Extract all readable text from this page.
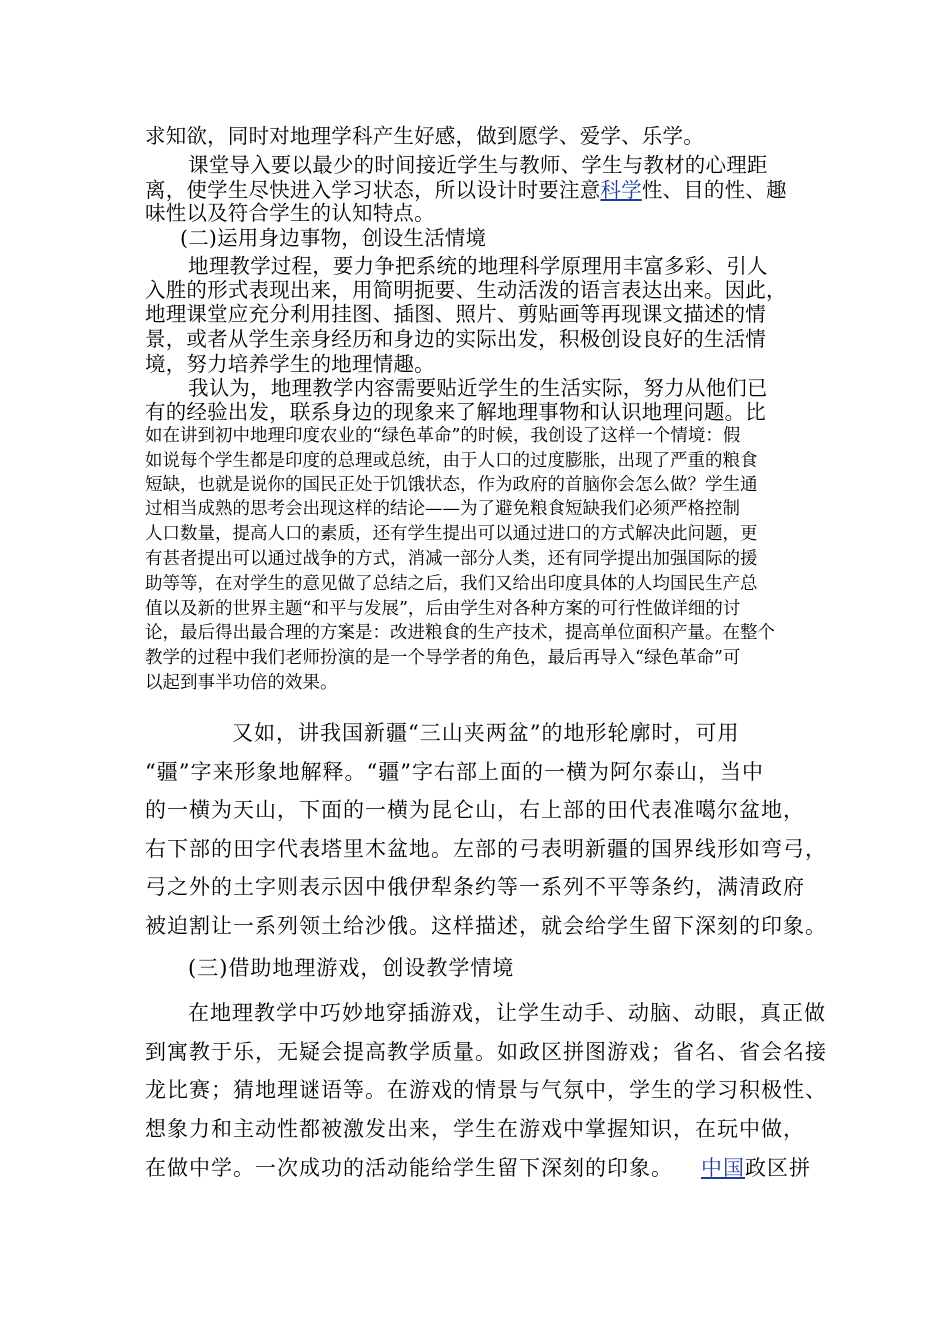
求知欲，同时对地理学科产生好感，做到愿学、爱学、乐学。

课堂导入要以最少的时间接近学生与教师、学生与教材的心理距

离，使学生尽快进入学习状态，所以设计时要注意科学性、目的性、趣

味性以及符合学生的认知特点。

(二)运用身边事物，创设生活情境

地理教学过程，要力争把系统的地理科学原理用丰富多彩、引人

入胜的形式表现出来，用简明扼要、生动活泼的语言表达出来。因此，

地理课堂应充分利用挂图、插图、照片、剪贴画等再现课文描述的情

景，或者从学生亲身经历和身边的实际出发，积极创设良好的生活情

境，努力培养学生的地理情趣。

我认为，地理教学内容需要贴近学生的生活实际，努力从他们已

有的经验出发，联系身边的现象来了解地理事物和认识地理问题。比

如在讲到初中地理印度农业的“绿色革命”的时候，我创设了这样一个情境：假

如说每个学生都是印度的总理或总统，由于人口的过度膨胀，出现了严重的粮食

短缺，也就是说你的国民正处于饥饿状态，作为政府的首脑你会怎么做？学生通

过相当成熟的思考会出现这样的结论——为了避免粮食短缺我们必须严格控制

人口数量，提高人口的素质，还有学生提出可以通过进口的方式解决此问题，更

有甚者提出可以通过战争的方式，消减一部分人类，还有同学提出加强国际的援

助等等，在对学生的意见做了总结之后，我们又给出印度具体的人均国民生产总

值以及新的世界主题“和平与发展”，后由学生对各种方案的可行性做详细的讨

论，最后得出最合理的方案是：改进粮食的生产技术，提高单位面积产量。在整个

教学的过程中我们老师扮演的是一个导学者的角色，最后再导入“绿色革命”可

以起到事半功倍的效果。

又如，讲我国新疆“三山夹两盆”的地形轮廓时，可用

“疆”字来形象地解释。“疆”字右部上面的一横为阿尔泰山，当中

的一横为天山，下面的一横为昆仑山，右上部的田代表准噶尔盆地，

右下部的田字代表塔里木盆地。左部的弓表明新疆的国界线形如弯弓，

弓之外的土字则表示因中俄伊犁条约等一系列不平等条约，满清政府

被迫割让一系列领土给沙俄。这样描述，就会给学生留下深刻的印象。

(三)借助地理游戏，创设教学情境

在地理教学中巧妙地穿插游戏，让学生动手、动脑、动眼，真正做

到寓教于乐，无疑会提高教学质量。如政区拼图游戏；省名、省会名接

龙比赛；猜地理谜语等。在游戏的情景与气氛中，学生的学习积极性、

想象力和主动性都被激发出来，学生在游戏中掌握知识，在玩中做，

在做中学。一次成功的活动能给学生留下深刻的印象。 中国政区拼
